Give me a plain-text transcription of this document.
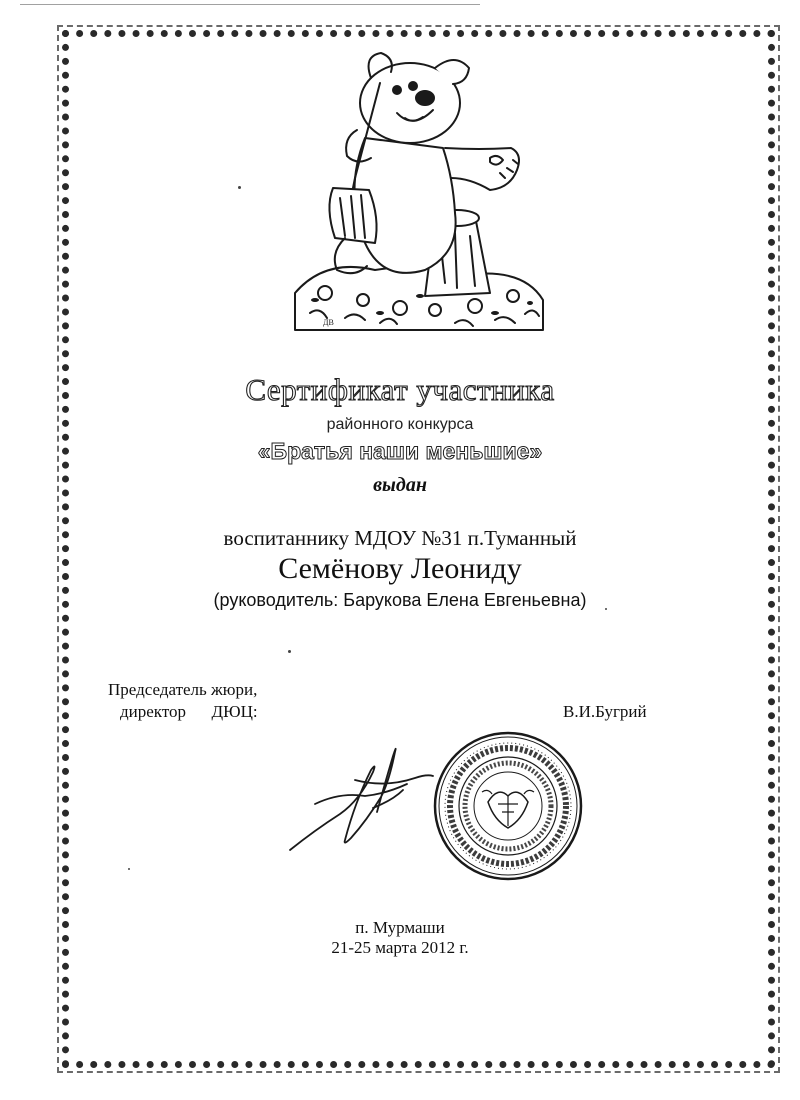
ДВ
Сертификат участника
районного конкурса
«Братья наши меньшие»
выдан
воспитаннику МДОУ №31 п.Туманный
Семёнову Леониду
(руководитель: Барукова Елена Евгеньевна)
Председатель жюри,
директор      ДЮЦ:	В.И.Бугрий
п. Мурмаши
21-25 марта 2012 г.
